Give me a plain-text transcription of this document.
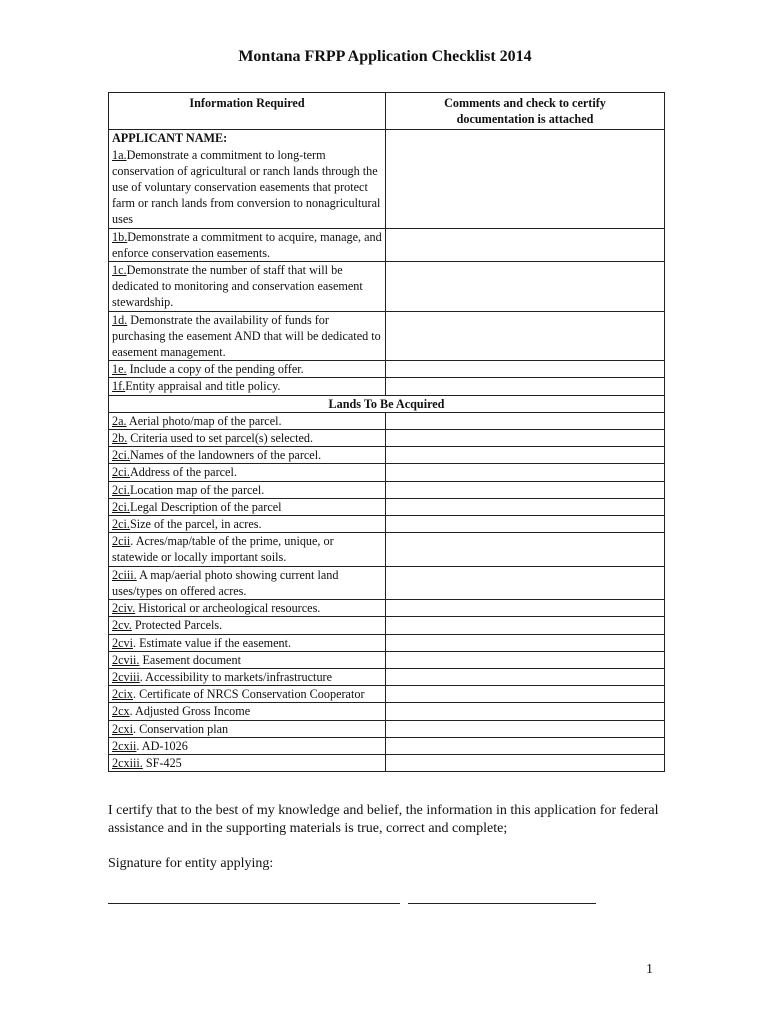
Montana FRPP Application Checklist 2014
Information Required	Comments and check to certify
documentation is attached

APPLICANT NAME:
1a.Demonstrate a commitment to long-term conservation of agricultural or ranch lands through the use of voluntary conservation easements that protect farm or ranch lands from conversion to nonagricultural uses	
1b.Demonstrate a commitment to acquire, manage, and enforce conservation easements.	
1c.Demonstrate the number of staff that will be dedicated to monitoring and conservation easement stewardship.	
1d. Demonstrate the availability of funds for purchasing the easement AND that will be dedicated to easement management.	
1e. Include a copy of the pending offer.	
1f.Entity appraisal and title policy.	
Lands To Be Acquired	
2a. Aerial photo/map of the parcel.	
2b. Criteria used to set parcel(s) selected.	
2ci.Names of the landowners of the parcel.	
2ci.Address of the parcel.	
2ci.Location map of the parcel.	
2ci.Legal Description of the parcel	
2ci.Size of the parcel, in acres.	
2cii. Acres/map/table of the prime, unique, or statewide or locally important soils.	
2ciii. A map/aerial photo showing current land uses/types on offered acres.	
2civ. Historical or archeological resources.	
2cv. Protected Parcels.	
2cvi. Estimate value if the easement.	
2cvii. Easement document	
2cviii. Accessibility to markets/infrastructure	
2cix. Certificate of NRCS Conservation Cooperator	
2cx. Adjusted Gross Income	
2cxi. Conservation plan	
2cxii. AD-1026	
2cxiii. SF-425	
I certify that to the best of my knowledge and belief, the information in this application for federal assistance and in the supporting materials is true, correct and complete;
Signature for entity applying:
1
